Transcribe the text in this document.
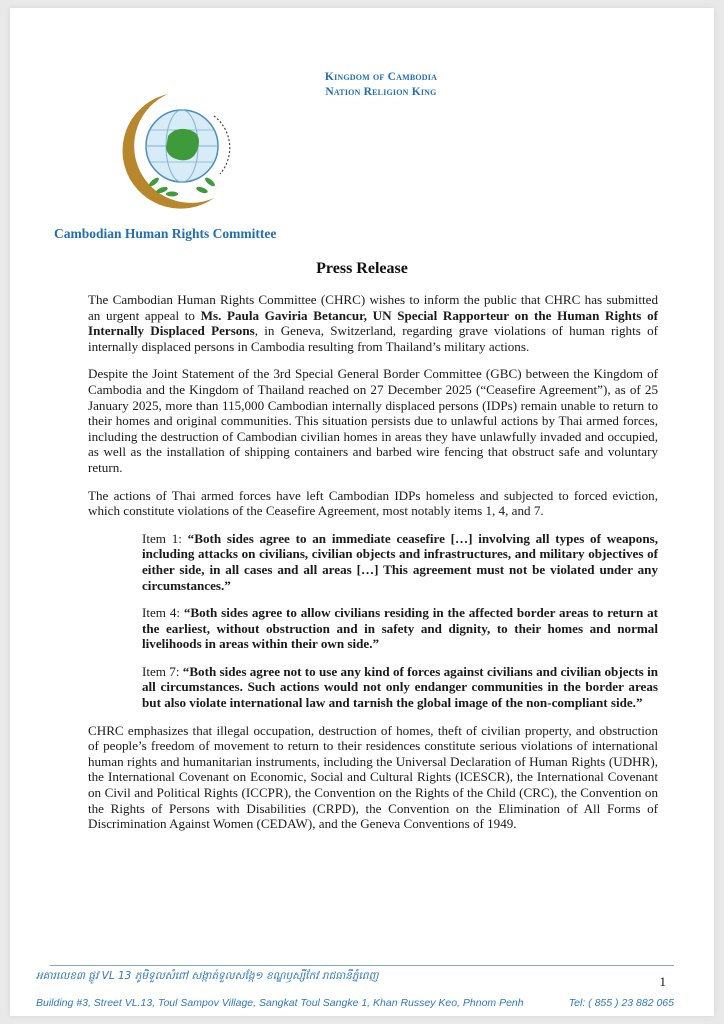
Kingdom of Cambodia
Nation Religion King
Cambodian Human Rights Committee
Press Release

The Cambodian Human Rights Committee (CHRC) wishes to inform the public that CHRC has submitted an urgent appeal to Ms. Paula Gaviria Betancur, UN Special Rapporteur on the Human Rights of Internally Displaced Persons, in Geneva, Switzerland, regarding grave violations of human rights of internally displaced persons in Cambodia resulting from Thailand’s military actions.

Despite the Joint Statement of the 3rd Special General Border Committee (GBC) between the Kingdom of Cambodia and the Kingdom of Thailand reached on 27 December 2025 (“Ceasefire Agreement”), as of 25 January 2025, more than 115,000 Cambodian internally displaced persons (IDPs) remain unable to return to their homes and original communities. This situation persists due to unlawful actions by Thai armed forces, including the destruction of Cambodian civilian homes in areas they have unlawfully invaded and occupied, as well as the installation of shipping containers and barbed wire fencing that obstruct safe and voluntary return.

The actions of Thai armed forces have left Cambodian IDPs homeless and subjected to forced eviction, which constitute violations of the Ceasefire Agreement, most notably items 1, 4, and 7.

Item 1: “Both sides agree to an immediate ceasefire […] involving all types of weapons, including attacks on civilians, civilian objects and infrastructures, and military objectives of either side, in all cases and all areas […] This agreement must not be violated under any circumstances.”

Item 4: “Both sides agree to allow civilians residing in the affected border areas to return at the earliest, without obstruction and in safety and dignity, to their homes and normal livelihoods in areas within their own side.”

Item 7: “Both sides agree not to use any kind of forces against civilians and civilian objects in all circumstances. Such actions would not only endanger communities in the border areas but also violate international law and tarnish the global image of the non-compliant side.”

CHRC emphasizes that illegal occupation, destruction of homes, theft of civilian property, and obstruction of people’s freedom of movement to return to their residences constitute serious violations of international human rights and humanitarian instruments, including the Universal Declaration of Human Rights (UDHR), the International Covenant on Economic, Social and Cultural Rights (ICESCR), the International Covenant on Civil and Political Rights (ICCPR), the Convention on the Rights of the Child (CRC), the Convention on the Rights of Persons with Disabilities (CRPD), the Convention on the Elimination of All Forms of Discrimination Against Women (CEDAW), and the Geneva Conventions of 1949.

1
អគារលេខ៣ ផ្លូវ VL 13 ភូមិទួលសំពៅ សង្កាត់ទួលសង្កែ១ ខណ្ឌឫស្សីកែវ រាជធានីភ្នំពេញ
Building #3, Street VL.13, Toul Sampov Village, Sangkat Toul Sangke 1, Khan Russey Keo, Phnom Penh	Tel: ( 855 ) 23 882 065
